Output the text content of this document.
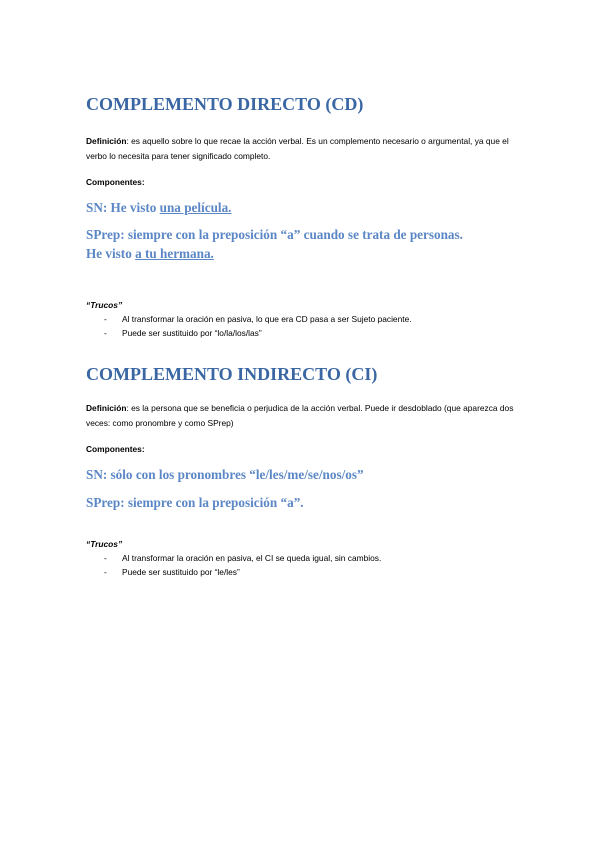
COMPLEMENTO DIRECTO (CD)
Definición: es aquello sobre lo que recae la acción verbal. Es un complemento necesario o argumental, ya que el verbo lo necesita para tener significado completo.
Componentes:
SN: He visto una película.
SPrep: siempre con la preposición “a” cuando se trata de personas.
He visto a tu hermana.
“Trucos”
- Al transformar la oración en pasiva, lo que era CD pasa a ser Sujeto paciente.
- Puede ser sustituido por “lo/la/los/las”
COMPLEMENTO INDIRECTO (CI)
Definición: es la persona que se beneficia o perjudica de la acción verbal. Puede ir desdoblado (que aparezca dos veces: como pronombre y como SPrep)
Componentes:
SN: sólo con los pronombres “le/les/me/se/nos/os”
SPrep: siempre con la preposición “a”.
“Trucos”
- Al transformar la oración en pasiva, el CI se queda igual, sin cambios.
- Puede ser sustituido por “le/les”
